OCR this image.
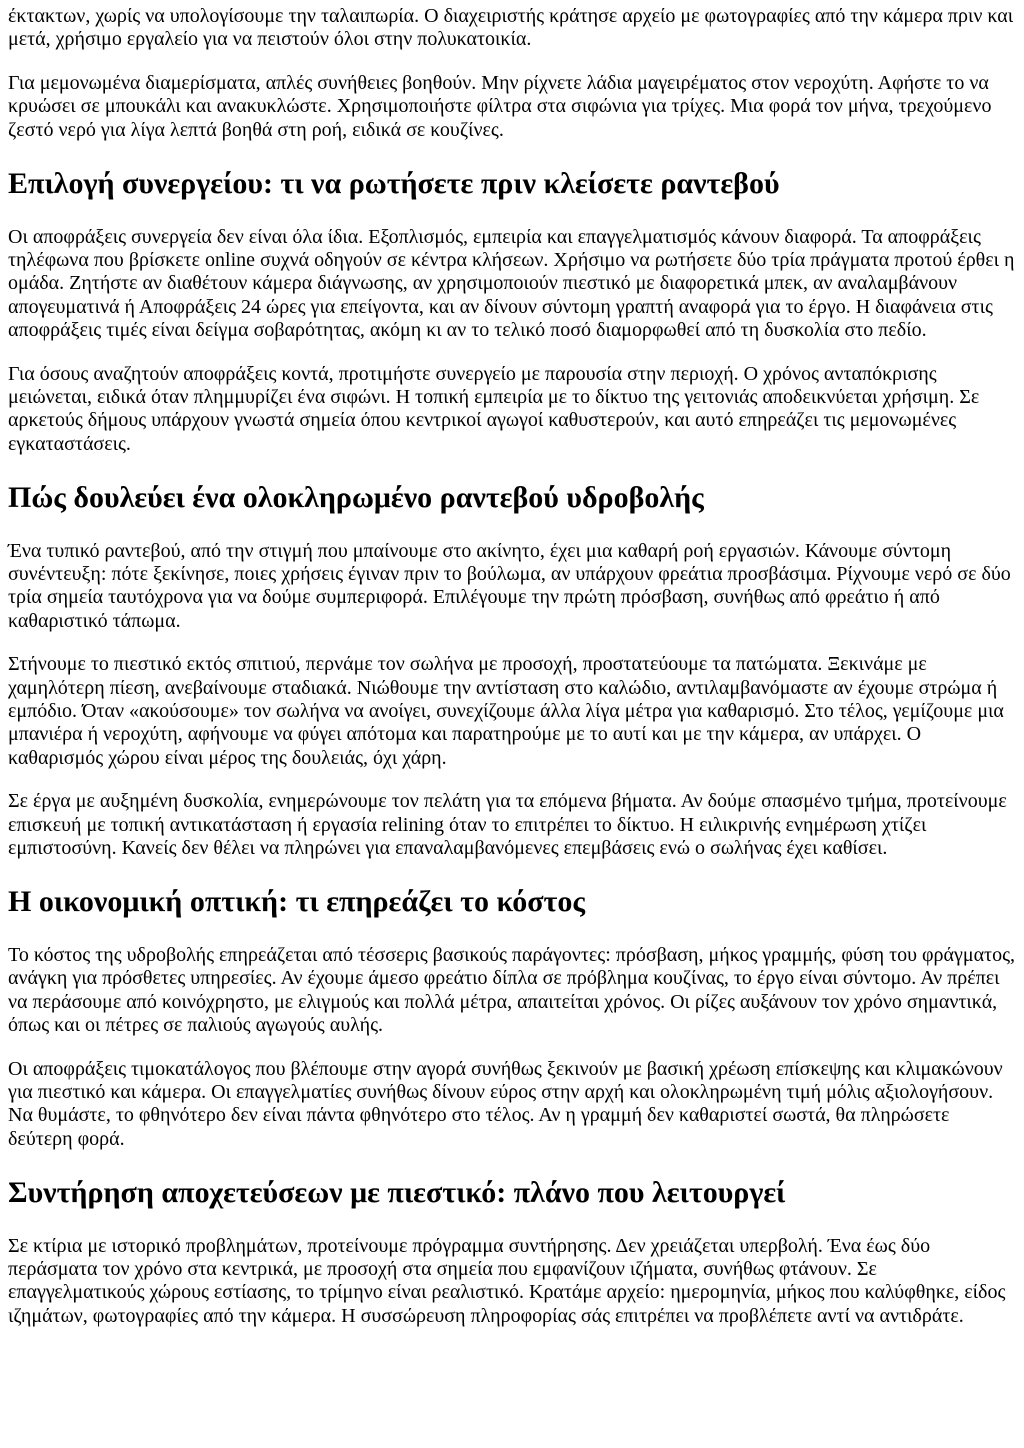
έκτακτων, χωρίς να υπολογίσουμε την ταλαιπωρία. Ο διαχειριστής κράτησε αρχείο με φωτογραφίες από την κάμερα πριν και μετά, χρήσιμο εργαλείο για να πειστούν όλοι στην πολυκατοικία.

Για μεμονωμένα διαμερίσματα, απλές συνήθειες βοηθούν. Μην ρίχνετε λάδια μαγειρέματος στον νεροχύτη. Αφήστε το να κρυώσει σε μπουκάλι και ανακυκλώστε. Χρησιμοποιήστε φίλτρα στα σιφώνια για τρίχες. Μια φορά τον μήνα, τρεχούμενο ζεστό νερό για λίγα λεπτά βοηθά στη ροή, ειδικά σε κουζίνες.

Επιλογή συνεργείου: τι να ρωτήσετε πριν κλείσετε ραντεβού

Οι αποφράξεις συνεργεία δεν είναι όλα ίδια. Εξοπλισμός, εμπειρία και επαγγελματισμός κάνουν διαφορά. Τα αποφράξεις τηλέφωνα που βρίσκετε online συχνά οδηγούν σε κέντρα κλήσεων. Χρήσιμο να ρωτήσετε δύο τρία πράγματα προτού έρθει η ομάδα. Ζητήστε αν διαθέτουν κάμερα διάγνωσης, αν χρησιμοποιούν πιεστικό με διαφορετικά μπεκ, αν αναλαμβάνουν απογευματινά ή Αποφράξεις 24 ώρες για επείγοντα, και αν δίνουν σύντομη γραπτή αναφορά για το έργο. Η διαφάνεια στις αποφράξεις τιμές είναι δείγμα σοβαρότητας, ακόμη κι αν το τελικό ποσό διαμορφωθεί από τη δυσκολία στο πεδίο.

Για όσους αναζητούν αποφράξεις κοντά, προτιμήστε συνεργείο με παρουσία στην περιοχή. Ο χρόνος ανταπόκρισης μειώνεται, ειδικά όταν πλημμυρίζει ένα σιφώνι. Η τοπική εμπειρία με το δίκτυο της γειτονιάς αποδεικνύεται χρήσιμη. Σε αρκετούς δήμους υπάρχουν γνωστά σημεία όπου κεντρικοί αγωγοί καθυστερούν, και αυτό επηρεάζει τις μεμονωμένες εγκαταστάσεις.

Πώς δουλεύει ένα ολοκληρωμένο ραντεβού υδροβολής

Ένα τυπικό ραντεβού, από την στιγμή που μπαίνουμε στο ακίνητο, έχει μια καθαρή ροή εργασιών. Κάνουμε σύντομη συνέντευξη: πότε ξεκίνησε, ποιες χρήσεις έγιναν πριν το βούλωμα, αν υπάρχουν φρεάτια προσβάσιμα. Ρίχνουμε νερό σε δύο τρία σημεία ταυτόχρονα για να δούμε συμπεριφορά. Επιλέγουμε την πρώτη πρόσβαση, συνήθως από φρεάτιο ή από καθαριστικό τάπωμα.

Στήνουμε το πιεστικό εκτός σπιτιού, περνάμε τον σωλήνα με προσοχή, προστατεύουμε τα πατώματα. Ξεκινάμε με χαμηλότερη πίεση, ανεβαίνουμε σταδιακά. Νιώθουμε την αντίσταση στο καλώδιο, αντιλαμβανόμαστε αν έχουμε στρώμα ή εμπόδιο. Όταν «ακούσουμε» τον σωλήνα να ανοίγει, συνεχίζουμε άλλα λίγα μέτρα για καθαρισμό. Στο τέλος, γεμίζουμε μια μπανιέρα ή νεροχύτη, αφήνουμε να φύγει απότομα και παρατηρούμε με το αυτί και με την κάμερα, αν υπάρχει. Ο καθαρισμός χώρου είναι μέρος της δουλειάς, όχι χάρη.

Σε έργα με αυξημένη δυσκολία, ενημερώνουμε τον πελάτη για τα επόμενα βήματα. Αν δούμε σπασμένο τμήμα, προτείνουμε επισκευή με τοπική αντικατάσταση ή εργασία relining όταν το επιτρέπει το δίκτυο. Η ειλικρινής ενημέρωση χτίζει εμπιστοσύνη. Κανείς δεν θέλει να πληρώνει για επαναλαμβανόμενες επεμβάσεις ενώ ο σωλήνας έχει καθίσει.

Η οικονομική οπτική: τι επηρεάζει το κόστος

Το κόστος της υδροβολής επηρεάζεται από τέσσερις βασικούς παράγοντες: πρόσβαση, μήκος γραμμής, φύση του φράγματος, ανάγκη για πρόσθετες υπηρεσίες. Αν έχουμε άμεσο φρεάτιο δίπλα σε πρόβλημα κουζίνας, το έργο είναι σύντομο. Αν πρέπει να περάσουμε από κοινόχρηστο, με ελιγμούς και πολλά μέτρα, απαιτείται χρόνος. Οι ρίζες αυξάνουν τον χρόνο σημαντικά, όπως και οι πέτρες σε παλιούς αγωγούς αυλής.

Οι αποφράξεις τιμοκατάλογος που βλέπουμε στην αγορά συνήθως ξεκινούν με βασική χρέωση επίσκεψης και κλιμακώνουν για πιεστικό και κάμερα. Οι επαγγελματίες συνήθως δίνουν εύρος στην αρχή και ολοκληρωμένη τιμή μόλις αξιολογήσουν. Να θυμάστε, το φθηνότερο δεν είναι πάντα φθηνότερο στο τέλος. Αν η γραμμή δεν καθαριστεί σωστά, θα πληρώσετε δεύτερη φορά.

Συντήρηση αποχετεύσεων με πιεστικό: πλάνο που λειτουργεί

Σε κτίρια με ιστορικό προβλημάτων, προτείνουμε πρόγραμμα συντήρησης. Δεν χρειάζεται υπερβολή. Ένα έως δύο περάσματα τον χρόνο στα κεντρικά, με προσοχή στα σημεία που εμφανίζουν ιζήματα, συνήθως φτάνουν. Σε επαγγελματικούς χώρους εστίασης, το τρίμηνο είναι ρεαλιστικό. Κρατάμε αρχείο: ημερομηνία, μήκος που καλύφθηκε, είδος ιζημάτων, φωτογραφίες από την κάμερα. Η συσσώρευση πληροφορίας σάς επιτρέπει να προβλέπετε αντί να αντιδράτε.
